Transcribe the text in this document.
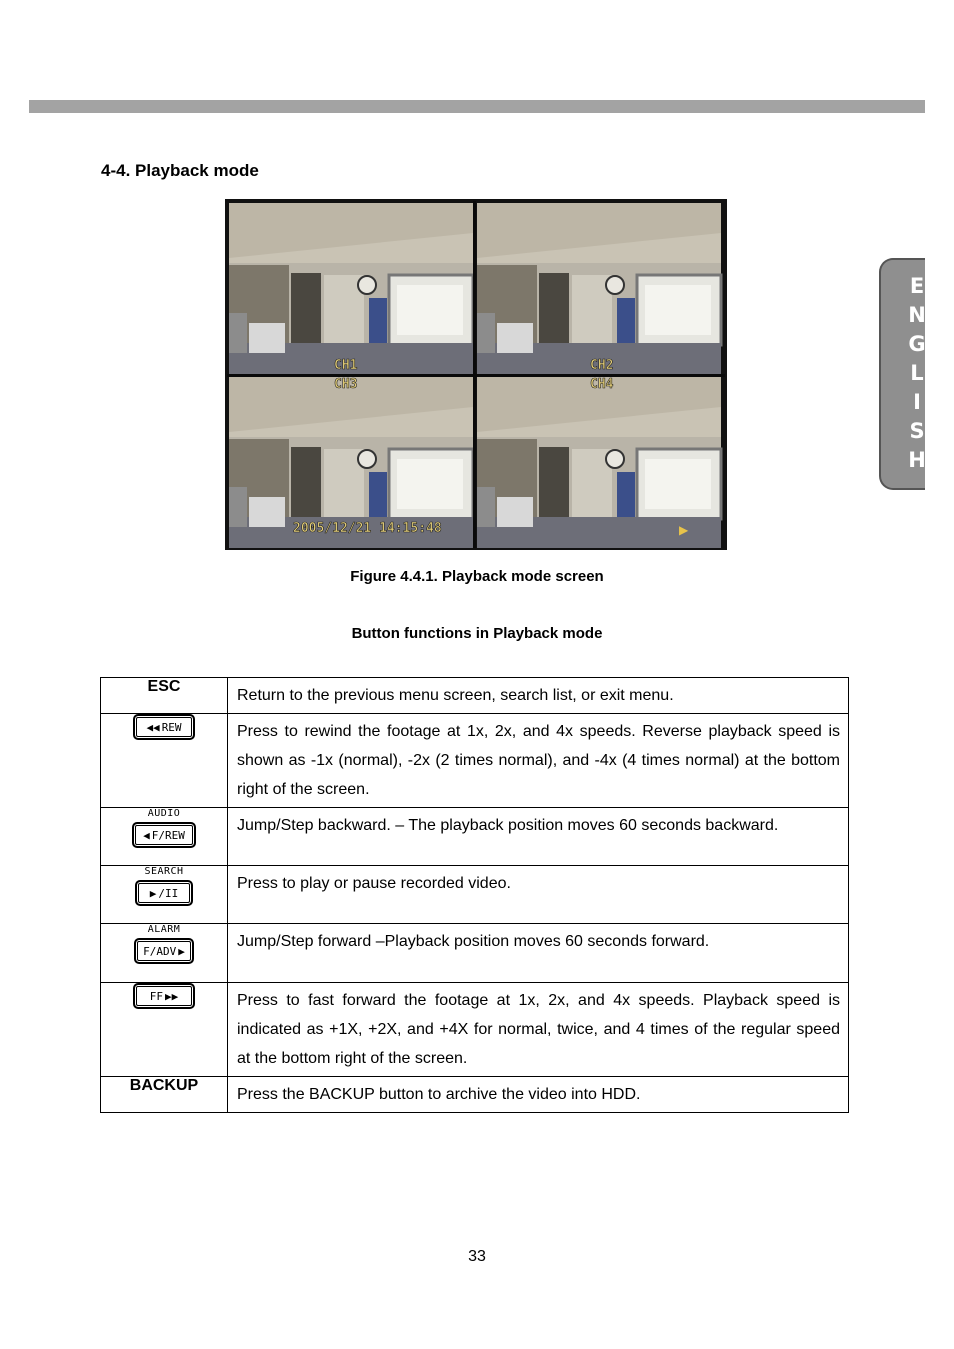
E
N
G
L
I
S
H
4-4. Playback mode
CH1	CH2
CH3	CH4
2005/12/21 14:15:48	▶
Figure 4.4.1. Playback mode screen
Button functions in Playback mode
ESC	Return to the previous menu screen, search list, or exit menu.

◀◀ REW	Press to rewind the footage at 1x, 2x, and 4x speeds. Reverse playback speed is shown as -1x (normal), -2x (2 times normal), and -4x (4 times normal) at the bottom right of the screen.

AUDIO
◀ F/REW	Jump/Step backward. – The playback position moves 60 seconds backward.

SEARCH
▶ /II	Press to play or pause recorded video.

ALARM
F/ADV ▶	Jump/Step forward –Playback position moves 60 seconds forward.

FF ▶▶	Press to fast forward the footage at 1x, 2x, and 4x speeds. Playback speed is indicated as +1X, +2X, and +4X for normal, twice, and 4 times of the regular speed at the bottom right of the screen.
BACKUP	Press the BACKUP button to archive the video into HDD.
33
